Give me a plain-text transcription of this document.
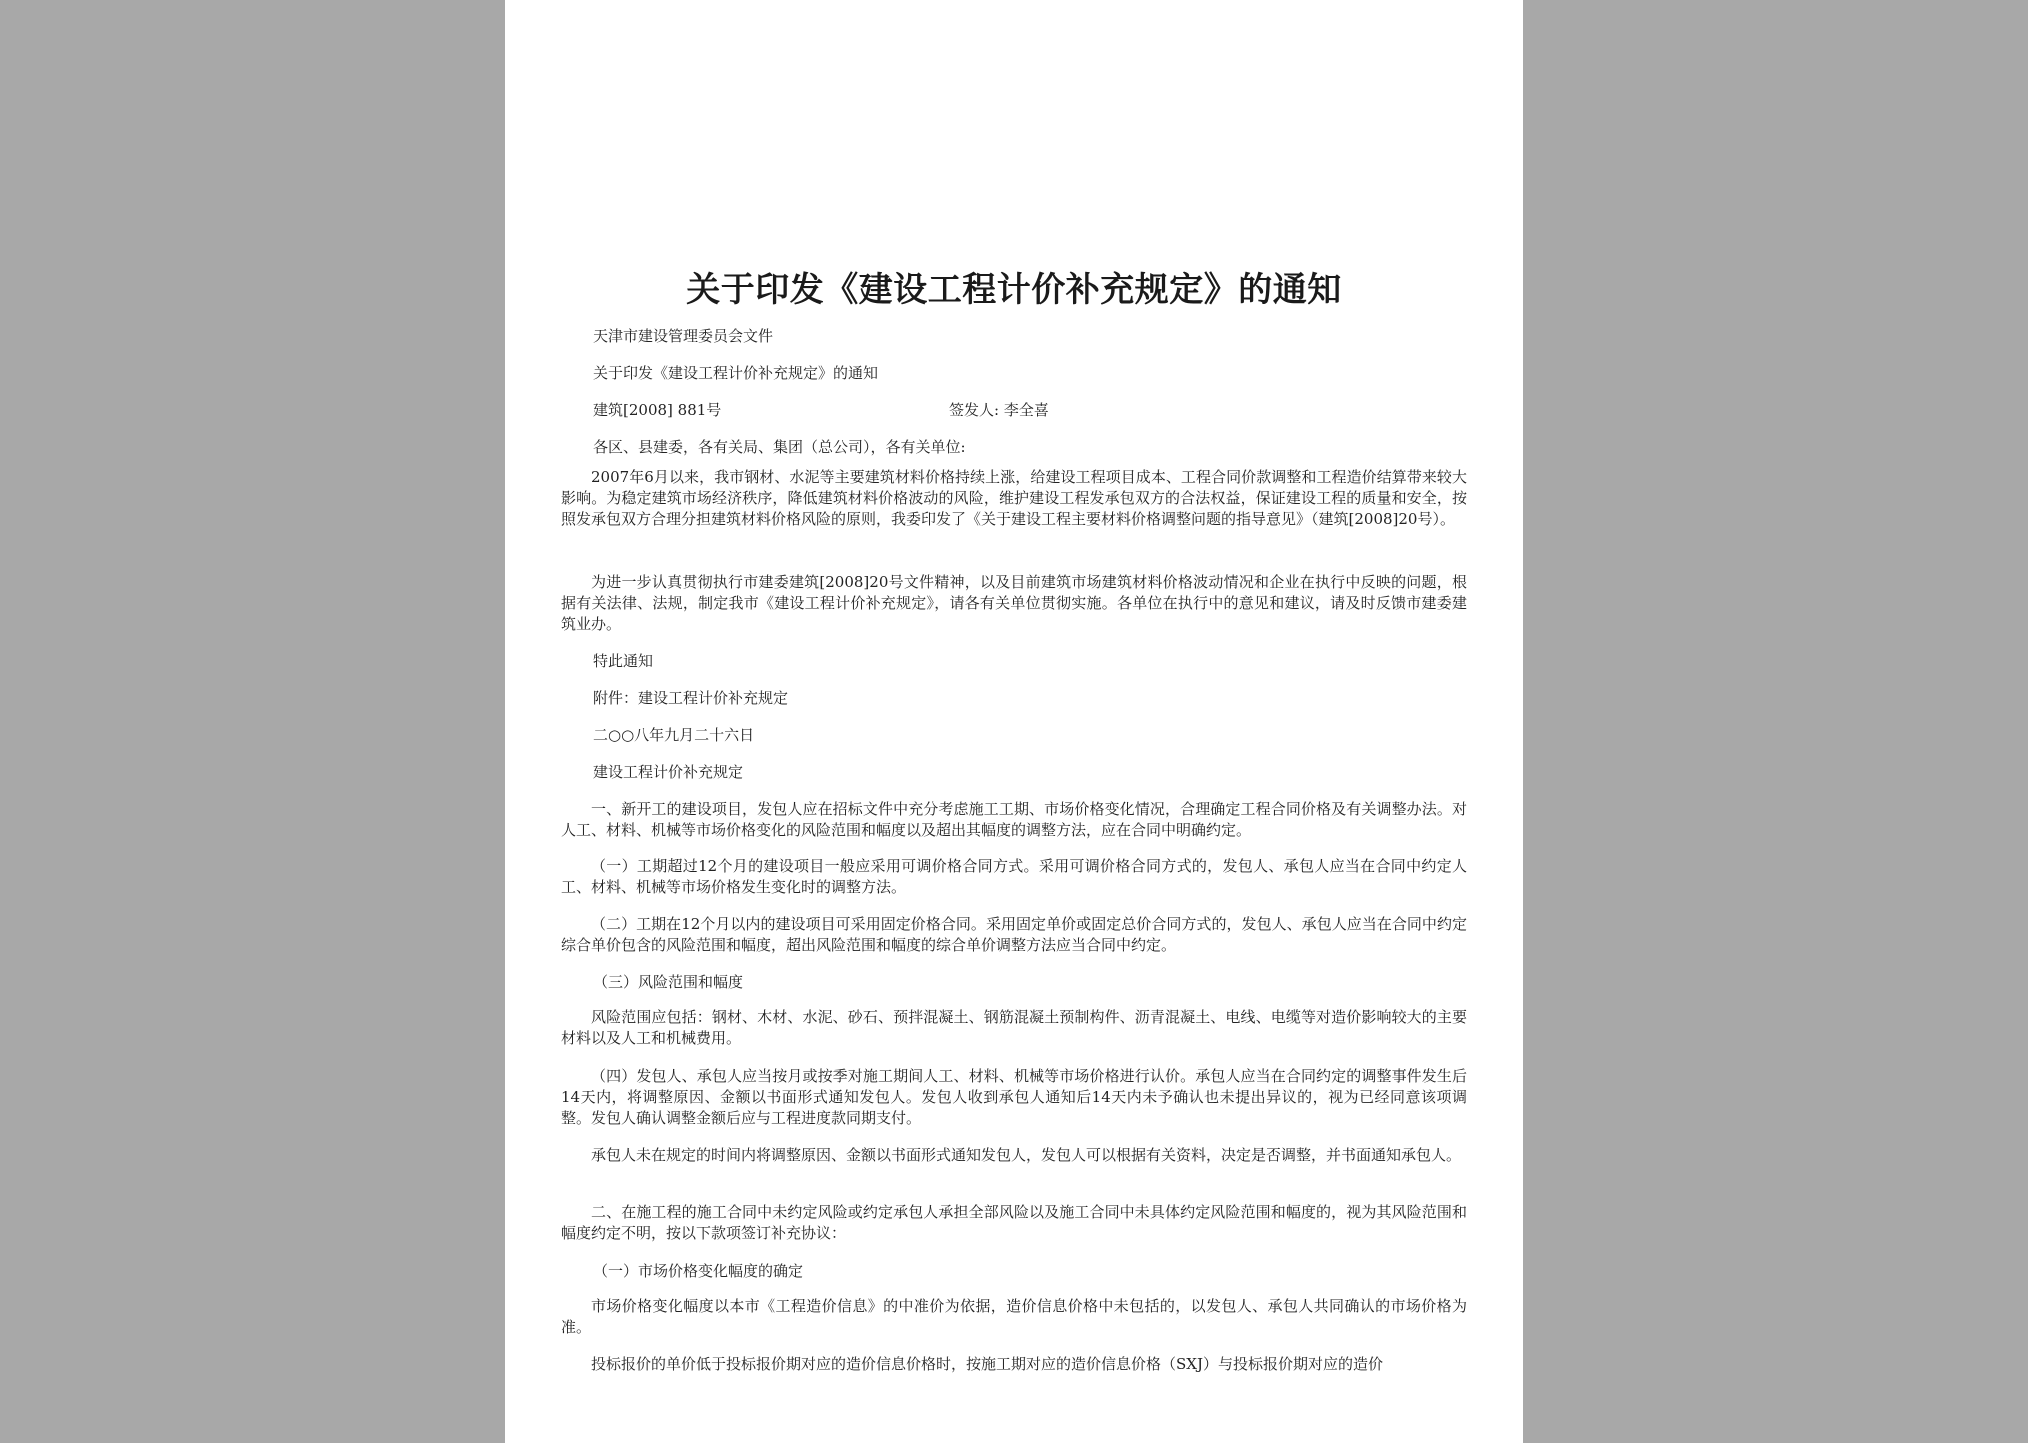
关于印发《建设工程计价补充规定》的通知
天津市建设管理委员会文件
关于印发《建设工程计价补充规定》的通知
建筑[2008] 881号	签发人: 李全喜
各区、县建委，各有关局、集团（总公司），各有关单位:
2007年6月以来，我市钢材、水泥等主要建筑材料价格持续上涨，给建设工程项目成本、工程合同价款调整和工程造价结算带来较大影响。为稳定建筑市场经济秩序，降低建筑材料价格波动的风险，维护建设工程发承包双方的合法权益，保证建设工程的质量和安全，按照发承包双方合理分担建筑材料价格风险的原则，我委印发了《关于建设工程主要材料价格调整问题的指导意见》（建筑[2008]20号）。
为进一步认真贯彻执行市建委建筑[2008]20号文件精神，以及目前建筑市场建筑材料价格波动情况和企业在执行中反映的问题，根据有关法律、法规，制定我市《建设工程计价补充规定》，请各有关单位贯彻实施。各单位在执行中的意见和建议，请及时反馈市建委建筑业办。
特此通知
附件：建设工程计价补充规定
二○○八年九月二十六日
建设工程计价补充规定
一、新开工的建设项目，发包人应在招标文件中充分考虑施工工期、市场价格变化情况，合理确定工程合同价格及有关调整办法。对人工、材料、机械等市场价格变化的风险范围和幅度以及超出其幅度的调整方法，应在合同中明确约定。
（一）工期超过12个月的建设项目一般应采用可调价格合同方式。采用可调价格合同方式的，发包人、承包人应当在合同中约定人工、材料、机械等市场价格发生变化时的调整方法。
（二）工期在12个月以内的建设项目可采用固定价格合同。采用固定单价或固定总价合同方式的，发包人、承包人应当在合同中约定综合单价包含的风险范围和幅度，超出风险范围和幅度的综合单价调整方法应当合同中约定。
（三）风险范围和幅度
风险范围应包括：钢材、木材、水泥、砂石、预拌混凝土、钢筋混凝土预制构件、沥青混凝土、电线、电缆等对造价影响较大的主要材料以及人工和机械费用。
（四）发包人、承包人应当按月或按季对施工期间人工、材料、机械等市场价格进行认价。承包人应当在合同约定的调整事件发生后14天内，将调整原因、金额以书面形式通知发包人。发包人收到承包人通知后14天内未予确认也未提出异议的，视为已经同意该项调整。发包人确认调整金额后应与工程进度款同期支付。
承包人未在规定的时间内将调整原因、金额以书面形式通知发包人，发包人可以根据有关资料，决定是否调整，并书面通知承包人。
二、在施工程的施工合同中未约定风险或约定承包人承担全部风险以及施工合同中未具体约定风险范围和幅度的，视为其风险范围和幅度约定不明，按以下款项签订补充协议：
（一）市场价格变化幅度的确定
市场价格变化幅度以本市《工程造价信息》的中准价为依据，造价信息价格中未包括的，以发包人、承包人共同确认的市场价格为准。
投标报价的单价低于投标报价期对应的造价信息价格时，按施工期对应的造价信息价格（SXJ）与投标报价期对应的造价
